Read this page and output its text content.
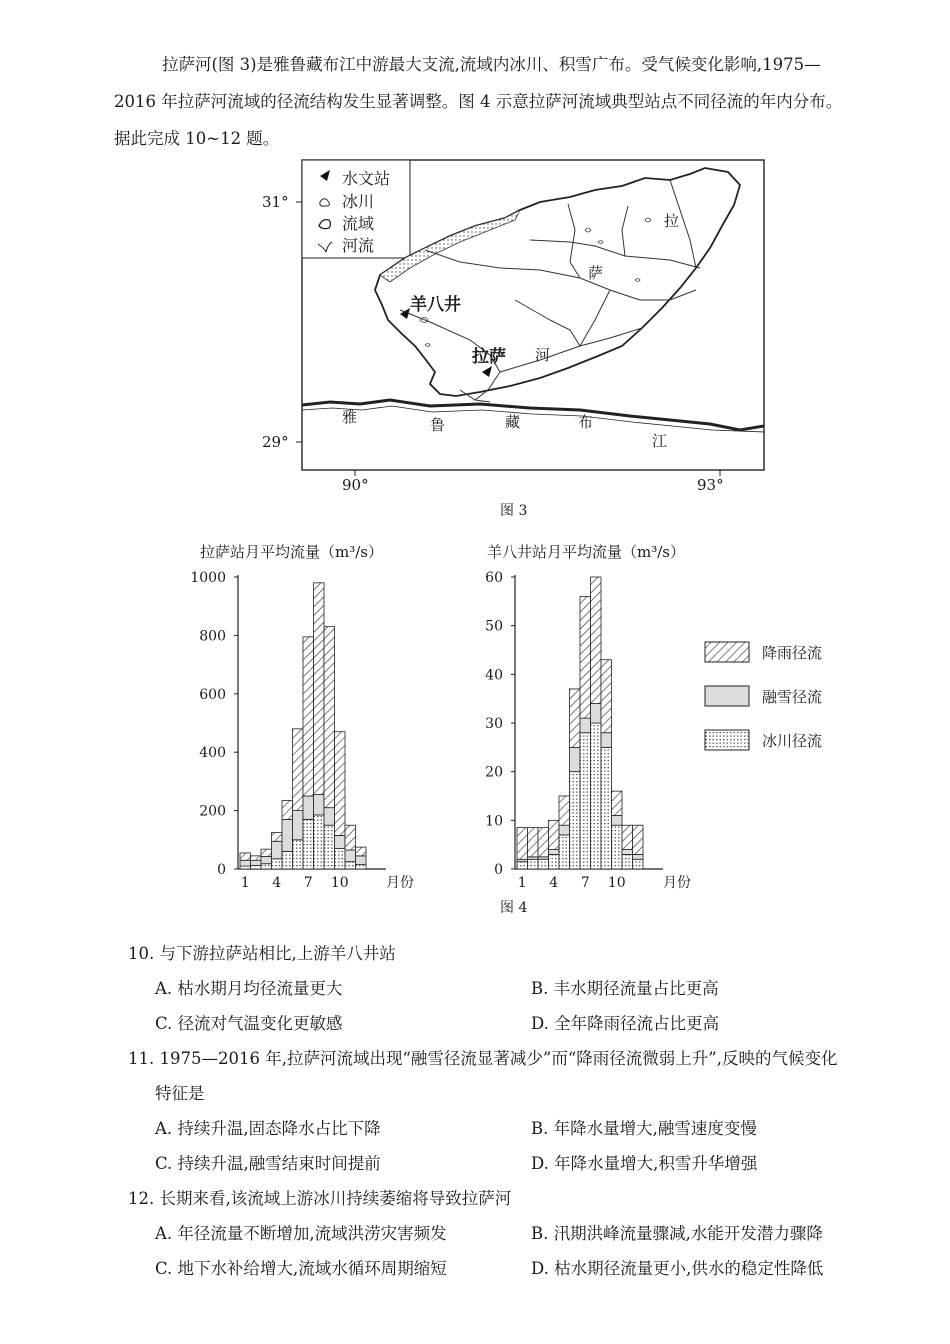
拉萨河(图 3)是雅鲁藏布江中游最大支流,流域内冰川、积雪广布。受气候变化影响,1975—

2016 年拉萨河流域的径流结构发生显著调整。图 4 示意拉萨河流域典型站点不同径流的年内分布。

据此完成 10~12 题。

31°
29°
90°	93°
水文站
冰川
流域
河流
羊八井
拉萨 河
拉
萨
雅	鲁	藏	布
江
图 3
拉萨站月平均流量（m³/s）
0
200
400
600
800
1000
1 4 7 10	月份
羊八井站月平均流量（m³/s）
0
10
20
30
40
50
60
1 4 7 10	月份
降雨径流
融雪径流
冰川径流
图 4
10. 与下游拉萨站相比,上游羊八井站
A. 枯水期月均径流量更大	B. 丰水期径流量占比更高
C. 径流对气温变化更敏感	D. 全年降雨径流占比更高
11. 1975—2016 年,拉萨河流域出现“融雪径流显著减少”而“降雨径流微弱上升”,反映的气候变化
特征是
A. 持续升温,固态降水占比下降	B. 年降水量增大,融雪速度变慢
C. 持续升温,融雪结束时间提前	D. 年降水量增大,积雪升华增强
12. 长期来看,该流域上游冰川持续萎缩将导致拉萨河
A. 年径流量不断增加,流域洪涝灾害频发	B. 汛期洪峰流量骤减,水能开发潜力骤降
C. 地下水补给增大,流域水循环周期缩短	D. 枯水期径流量更小,供水的稳定性降低
